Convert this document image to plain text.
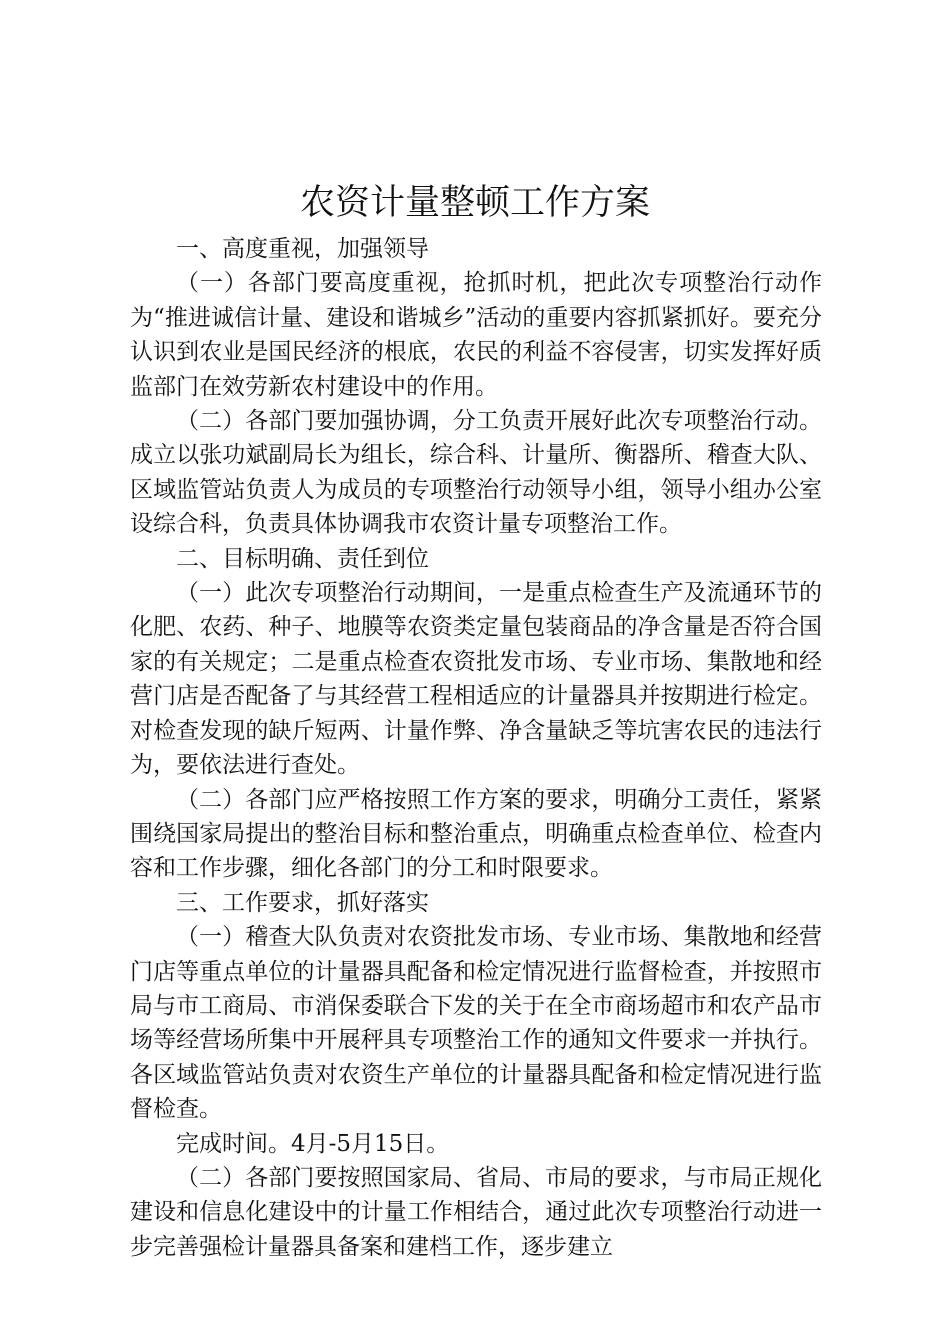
农资计量整顿工作方案

一、高度重视，加强领导

（一）各部门要高度重视，抢抓时机，把此次专项整治行动作为“推进诚信计量、建设和谐城乡”活动的重要内容抓紧抓好。要充分认识到农业是国民经济的根底，农民的利益不容侵害，切实发挥好质监部门在效劳新农村建设中的作用。

（二）各部门要加强协调，分工负责开展好此次专项整治行动。成立以张功斌副局长为组长，综合科、计量所、衡器所、稽查大队、区域监管站负责人为成员的专项整治行动领导小组，领导小组办公室设综合科，负责具体协调我市农资计量专项整治工作。

二、目标明确、责任到位

（一）此次专项整治行动期间，一是重点检查生产及流通环节的化肥、农药、种子、地膜等农资类定量包装商品的净含量是否符合国家的有关规定；二是重点检查农资批发市场、专业市场、集散地和经营门店是否配备了与其经营工程相适应的计量器具并按期进行检定。对检查发现的缺斤短两、计量作弊、净含量缺乏等坑害农民的违法行为，要依法进行查处。

（二）各部门应严格按照工作方案的要求，明确分工责任，紧紧围绕国家局提出的整治目标和整治重点，明确重点检查单位、检查内容和工作步骤，细化各部门的分工和时限要求。

三、工作要求，抓好落实

（一）稽查大队负责对农资批发市场、专业市场、集散地和经营门店等重点单位的计量器具配备和检定情况进行监督检查，并按照市局与市工商局、市消保委联合下发的关于在全市商场超市和农产品市场等经营场所集中开展秤具专项整治工作的通知文件要求一并执行。各区域监管站负责对农资生产单位的计量器具配备和检定情况进行监督检查。

完成时间。4月-5月15日。

（二）各部门要按照国家局、省局、市局的要求，与市局正规化建设和信息化建设中的计量工作相结合，通过此次专项整治行动进一步完善强检计量器具备案和建档工作，逐步建立
